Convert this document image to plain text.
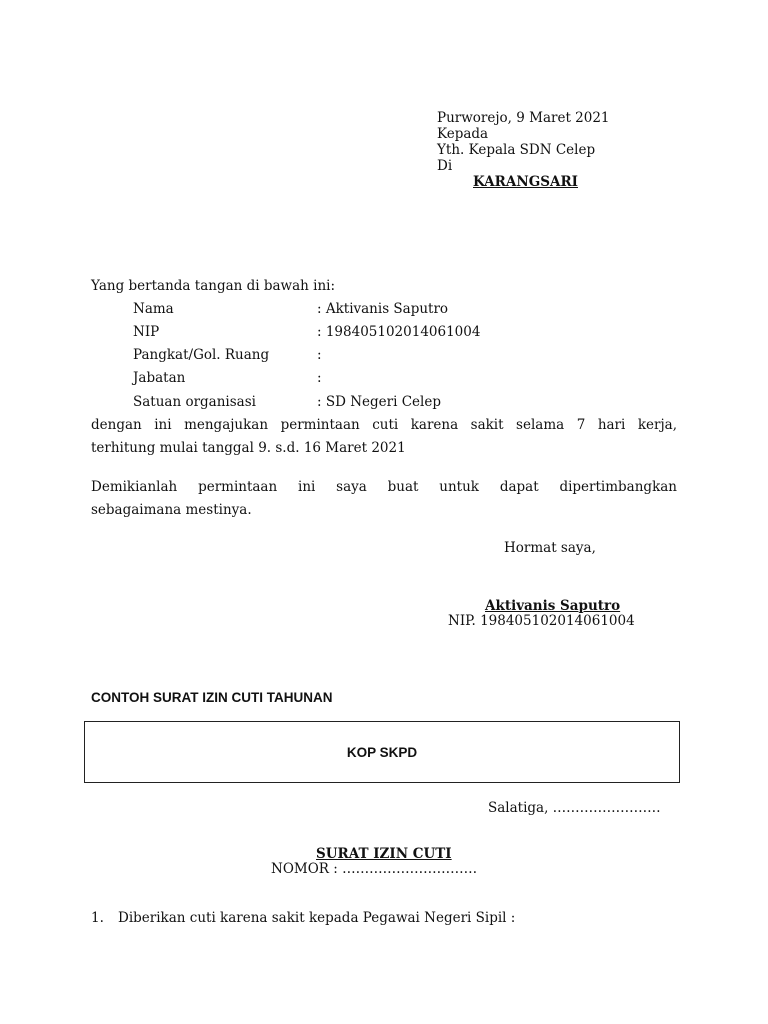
Purworejo, 9 Maret 2021
Kepada
Yth. Kepala SDN Celep
Di
KARANGSARI
Yang bertanda tangan di bawah ini:
Nama	: Aktivanis Saputro
NIP	: 198405102014061004
Pangkat/Gol. Ruang	:
Jabatan	:
Satuan organisasi	: SD Negeri Celep
dengan ini mengajukan permintaan cuti karena sakit selama 7 hari kerja,
terhitung mulai tanggal 9. s.d. 16 Maret 2021
Demikianlah permintaan ini saya buat untuk dapat dipertimbangkan
sebagaimana mestinya.
Hormat saya,
Aktivanis Saputro
NIP. 198405102014061004
CONTOH SURAT IZIN CUTI TAHUNAN
KOP SKPD
Salatiga, ……………………
SURAT IZIN CUTI
NOMOR : …………………………
1. Diberikan cuti karena sakit kepada Pegawai Negeri Sipil :
